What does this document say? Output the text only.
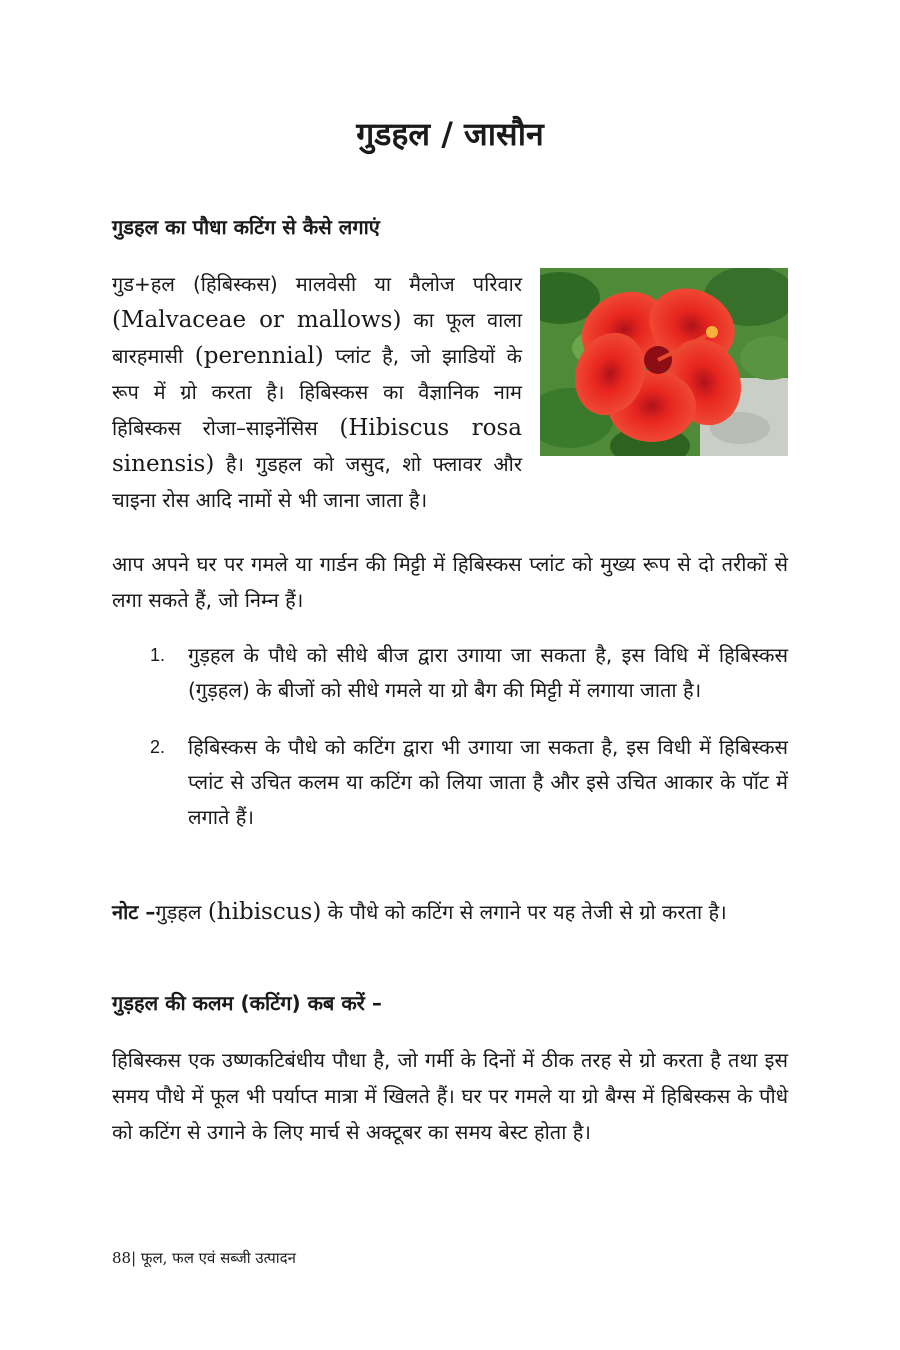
गुडहल / जासौन
गुडहल का पौधा कटिंग से कैसे लगाएं

गुड+हल (हिबिस्कस) मालवेसी या मैलोज परिवार (Malvaceae or mallows) का फूल वाला बारहमासी (perennial) प्लांट है, जो झाडियों के रूप में ग्रो करता है। हिबिस्कस का वैज्ञानिक नाम हिबिस्कस रोजा–साइनेंसिस (Hibiscus rosa sinensis) है। गुडहल को जसुद, शो फ्लावर और चाइना रोस आदि नामों से भी जाना जाता है।

आप अपने घर पर गमले या गार्डन की मिट्टी में हिबिस्कस प्लांट को मुख्य रूप से दो तरीकों से लगा सकते हैं, जो निम्न हैं।

1. गुड़हल के पौधे को सीधे बीज द्वारा उगाया जा सकता है, इस विधि में हिबिस्कस (गुड़हल) के बीजों को सीधे गमले या ग्रो बैग की मिट्टी में लगाया जाता है।
2. हिबिस्कस के पौधे को कटिंग द्वारा भी उगाया जा सकता है, इस विधी में हिबिस्कस प्लांट से उचित कलम या कटिंग को लिया जाता है और इसे उचित आकार के पॉट में लगाते हैं।

नोट –गुड़हल (hibiscus) के पौधे को कटिंग से लगाने पर यह तेजी से ग्रो करता है।

गुड़हल की कलम (कटिंग) कब करें –

हिबिस्कस एक उष्णकटिबंधीय पौधा है, जो गर्मी के दिनों में ठीक तरह से ग्रो करता है तथा इस समय पौधे में फूल भी पर्याप्त मात्रा में खिलते हैं। घर पर गमले या ग्रो बैग्स में हिबिस्कस के पौधे को कटिंग से उगाने के लिए मार्च से अक्टूबर का समय बेस्ट होता है।

88| फूल, फल एवं सब्जी उत्पादन
